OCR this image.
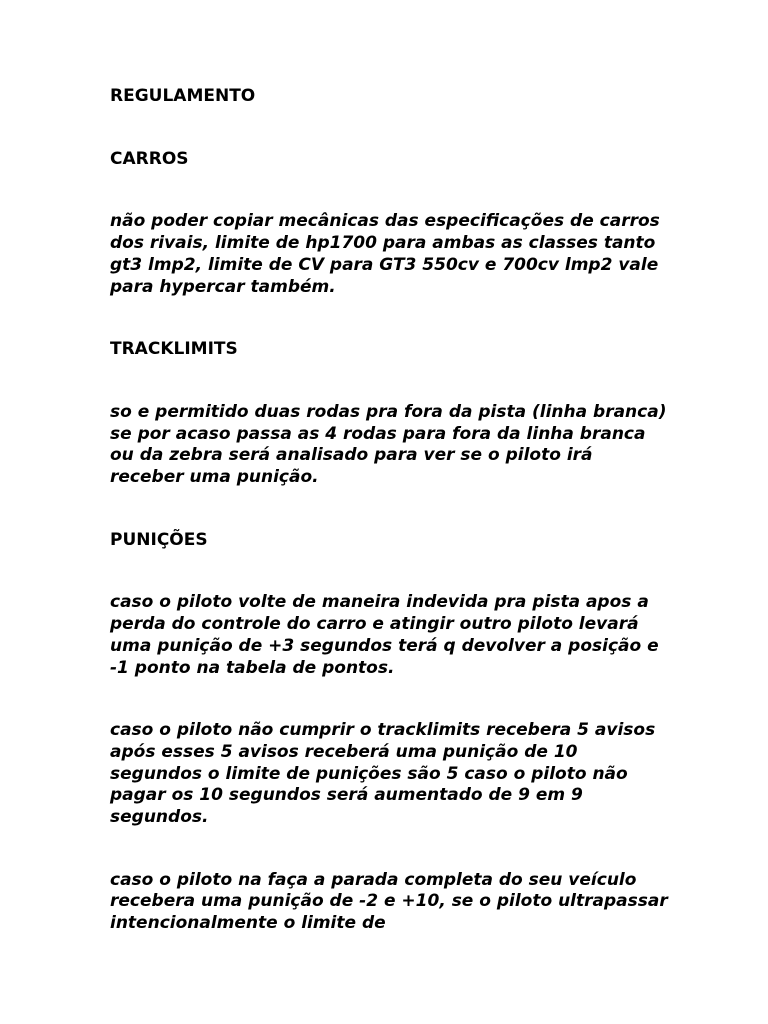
REGULAMENTO

CARROS

não poder copiar mecânicas das especificações de carros dos rivais, limite de hp1700 para ambas as classes tanto gt3 lmp2, limite de CV para GT3 550cv e 700cv lmp2 vale para hypercar também.

TRACKLIMITS

so e permitido duas rodas pra fora da pista (linha branca) se por acaso passa as 4 rodas para fora da linha branca ou da zebra será analisado para ver se o piloto irá receber uma punição.

PUNIÇÕES

caso o piloto volte de maneira indevida pra pista apos a perda do controle do carro e atingir outro piloto levará uma punição de +3 segundos terá q devolver a posição e -1 ponto na tabela de pontos.

caso o piloto não cumprir o tracklimits recebera 5 avisos após esses 5 avisos receberá uma punição de 10 segundos o limite de punições são 5 caso o piloto não pagar os 10 segundos será aumentado de 9 em 9 segundos.

caso o piloto na faça a parada completa do seu veículo recebera uma punição de -2 e +10, se o piloto ultrapassar intencionalmente o limite de
